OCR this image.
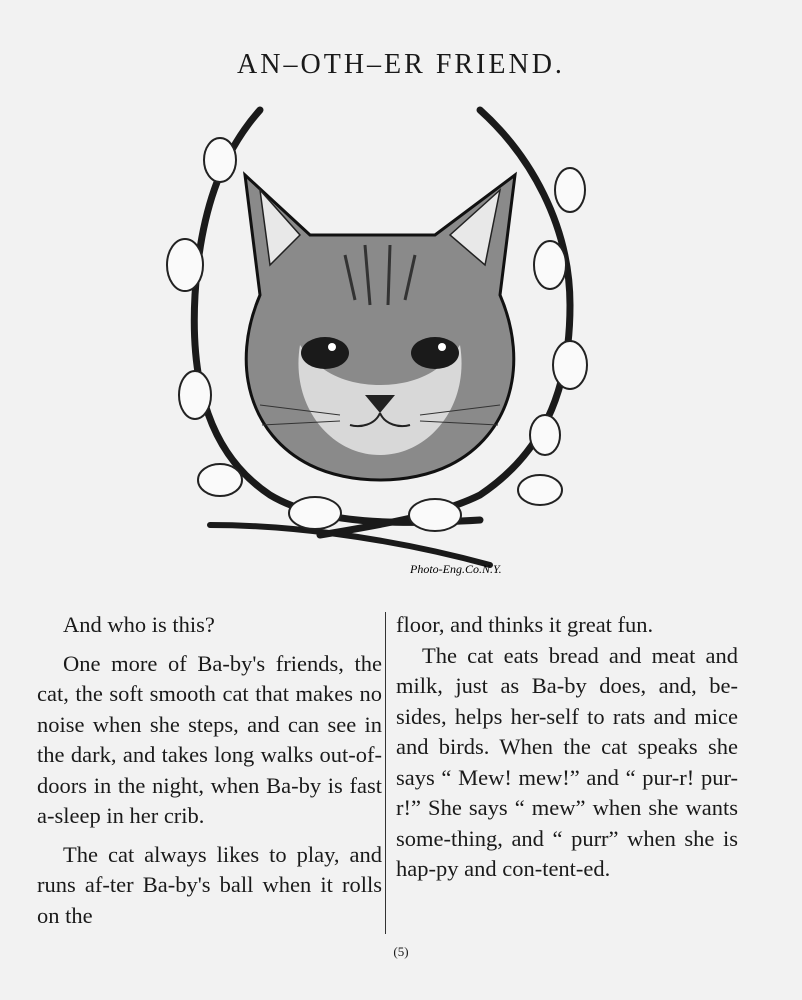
AN–OTH–ER FRIEND.
Photo-Eng.Co.N.Y.

And who is this?

One more of Ba-by's friends, the cat, the soft smooth cat that makes no noise when she steps, and can see in the dark, and takes long walks out-of-doors in the night, when Ba-by is fast a-sleep in her crib.

The cat always likes to play, and runs af-ter Ba-by's ball when it rolls on the

floor, and thinks it great fun.

The cat eats bread and meat and milk, just as Ba-by does, and, be-sides, helps her-self to rats and mice and birds. When the cat speaks she says “ Mew! mew!” and “ pur-r! pur-r!” She says “ mew” when she wants some-thing, and “ purr” when she is hap-py and con-tent-ed.

(5)
